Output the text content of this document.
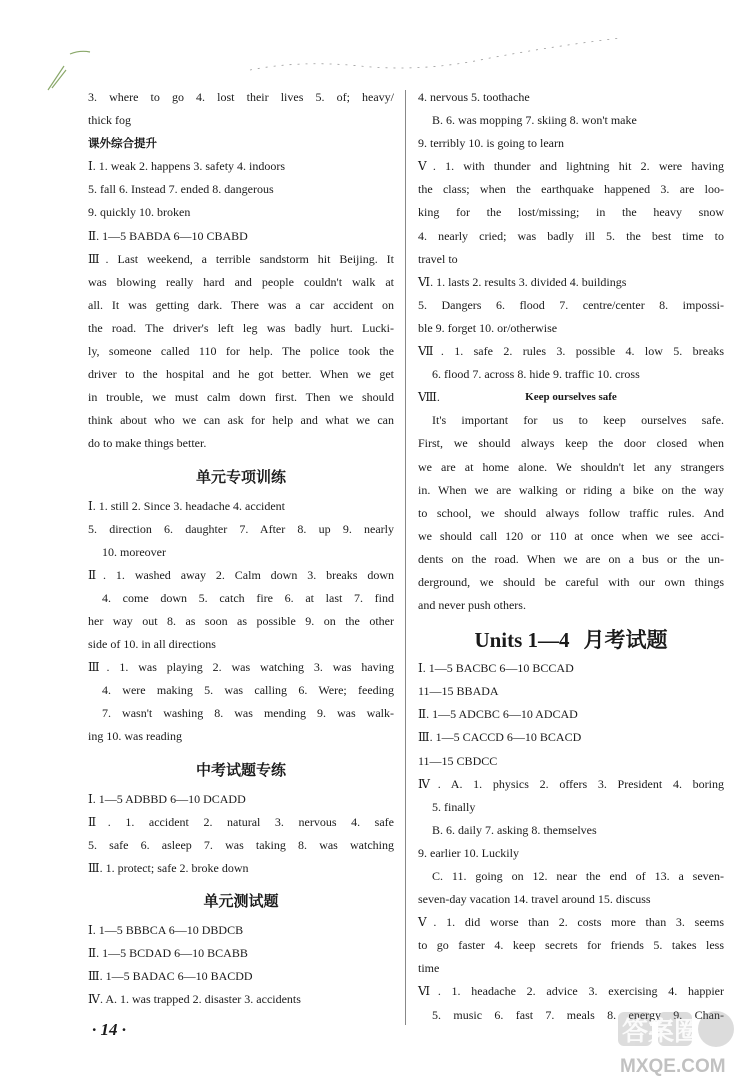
3. where to go 4. lost their lives 5. of; heavy/
thick fog
课外综合提升
Ⅰ. 1. weak 2. happens 3. safety 4. indoors
5. fall 6. Instead 7. ended 8. dangerous
9. quickly 10. broken
Ⅱ. 1—5 BABDA 6—10 CBABD
Ⅲ. Last weekend, a terrible sandstorm hit Beijing. It
was blowing really hard and people couldn't walk at
all. It was getting dark. There was a car accident on
the road. The driver's left leg was badly hurt. Lucki-
ly, someone called 110 for help. The police took the
driver to the hospital and he got better. When we get
in trouble, we must calm down first. Then we should
think about who we can ask for help and what we can
do to make things better.
单元专项训练
Ⅰ. 1. still 2. Since 3. headache 4. accident
5. direction 6. daughter 7. After 8. up 9. nearly
10. moreover
Ⅱ. 1. washed away 2. Calm down 3. breaks down
4. come down 5. catch fire 6. at last 7. find
her way out 8. as soon as possible 9. on the other
side of 10. in all directions
Ⅲ. 1. was playing 2. was watching 3. was having
4. were making 5. was calling 6. Were; feeding
7. wasn't washing 8. was mending 9. was walk-
ing 10. was reading
中考试题专练
Ⅰ. 1—5 ADBBD 6—10 DCADD
Ⅱ. 1. accident 2. natural 3. nervous 4. safe
5. safe 6. asleep 7. was taking 8. was watching
Ⅲ. 1. protect; safe 2. broke down
单元测试题
Ⅰ. 1—5 BBBCA 6—10 DBDCB
Ⅱ. 1—5 BCDAD 6—10 BCABB
Ⅲ. 1—5 BADAC 6—10 BACDD
Ⅳ. A. 1. was trapped 2. disaster 3. accidents
4. nervous 5. toothache
B. 6. was mopping 7. skiing 8. won't make
9. terribly 10. is going to learn
Ⅴ. 1. with thunder and lightning hit 2. were having
the class; when the earthquake happened 3. are loo-
king for the lost/missing; in the heavy snow
4. nearly cried; was badly ill 5. the best time to
travel to
Ⅵ. 1. lasts 2. results 3. divided 4. buildings
5. Dangers 6. flood 7. centre/center 8. impossi-
ble 9. forget 10. or/otherwise
Ⅶ. 1. safe 2. rules 3. possible 4. low 5. breaks
6. flood 7. across 8. hide 9. traffic 10. cross
Ⅷ.	Keep ourselves safe
It's important for us to keep ourselves safe.
First, we should always keep the door closed when
we are at home alone. We shouldn't let any strangers
in. When we are walking or riding a bike on the way
to school, we should always follow traffic rules. And
we should call 120 or 110 at once when we see acci-
dents on the road. When we are on a bus or the un-
derground, we should be careful with our own things
and never push others.
Units 1—4 月考试题
Ⅰ. 1—5 BACBC 6—10 BCCAD
11—15 BBADA
Ⅱ. 1—5 ADCBC 6—10 ADCAD
Ⅲ. 1—5 CACCD 6—10 BCACD
11—15 CBDCC
Ⅳ. A. 1. physics 2. offers 3. President 4. boring
5. finally
B. 6. daily 7. asking 8. themselves
9. earlier 10. Luckily
C. 11. going on 12. near the end of 13. a seven-
seven-day vacation 14. travel around 15. discuss
Ⅴ. 1. did worse than 2. costs more than 3. seems
to go faster 4. keep secrets for friends 5. takes less
time
Ⅵ. 1. headache 2. advice 3. exercising 4. happier
5. music 6. fast 7. meals 8. energy 9. Chan-
· 14 ·	答案圈
MXQE.COM
